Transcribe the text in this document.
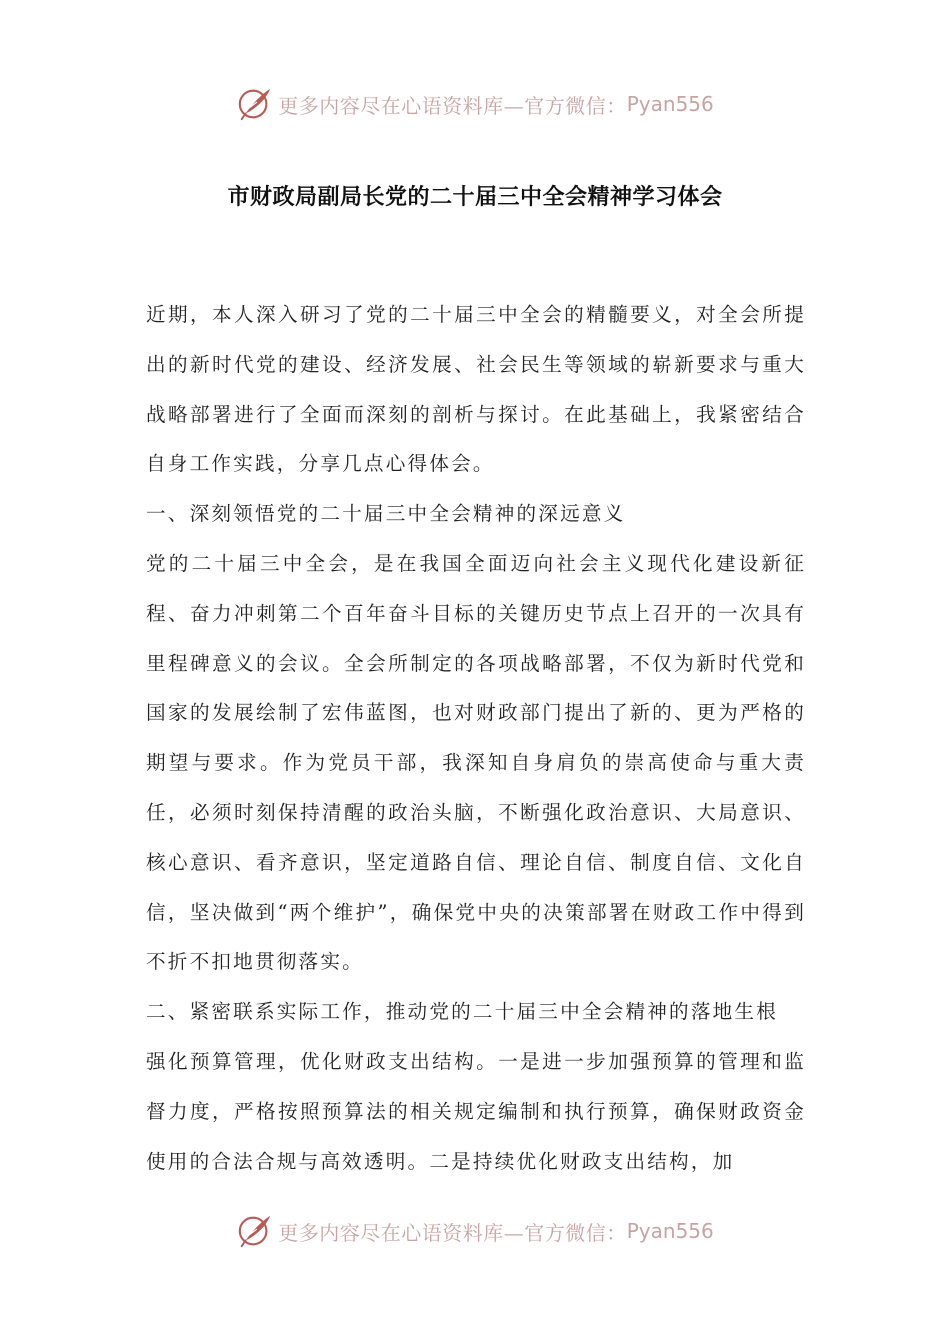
更多内容尽在心语资料库—官方微信： Pyan556
市财政局副局长党的二十届三中全会精神学习体会

近期，本人深入研习了党的二十届三中全会的精髓要义，对全会所提出的新时代党的建设、经济发展、社会民生等领域的崭新要求与重大战略部署进行了全面而深刻的剖析与探讨。在此基础上，我紧密结合自身工作实践，分享几点心得体会。

一、深刻领悟党的二十届三中全会精神的深远意义

党的二十届三中全会，是在我国全面迈向社会主义现代化建设新征程、奋力冲刺第二个百年奋斗目标的关键历史节点上召开的一次具有里程碑意义的会议。全会所制定的各项战略部署，不仅为新时代党和国家的发展绘制了宏伟蓝图，也对财政部门提出了新的、更为严格的期望与要求。作为党员干部，我深知自身肩负的崇高使命与重大责任，必须时刻保持清醒的政治头脑，不断强化政治意识、大局意识、核心意识、看齐意识，坚定道路自信、理论自信、制度自信、文化自信，坚决做到“两个维护”，确保党中央的决策部署在财政工作中得到不折不扣地贯彻落实。

二、紧密联系实际工作，推动党的二十届三中全会精神的落地生根

强化预算管理，优化财政支出结构。一是进一步加强预算的管理和监督力度，严格按照预算法的相关规定编制和执行预算，确保财政资金使用的合法合规与高效透明。二是持续优化财政支出结构，加

更多内容尽在心语资料库—官方微信： Pyan556
